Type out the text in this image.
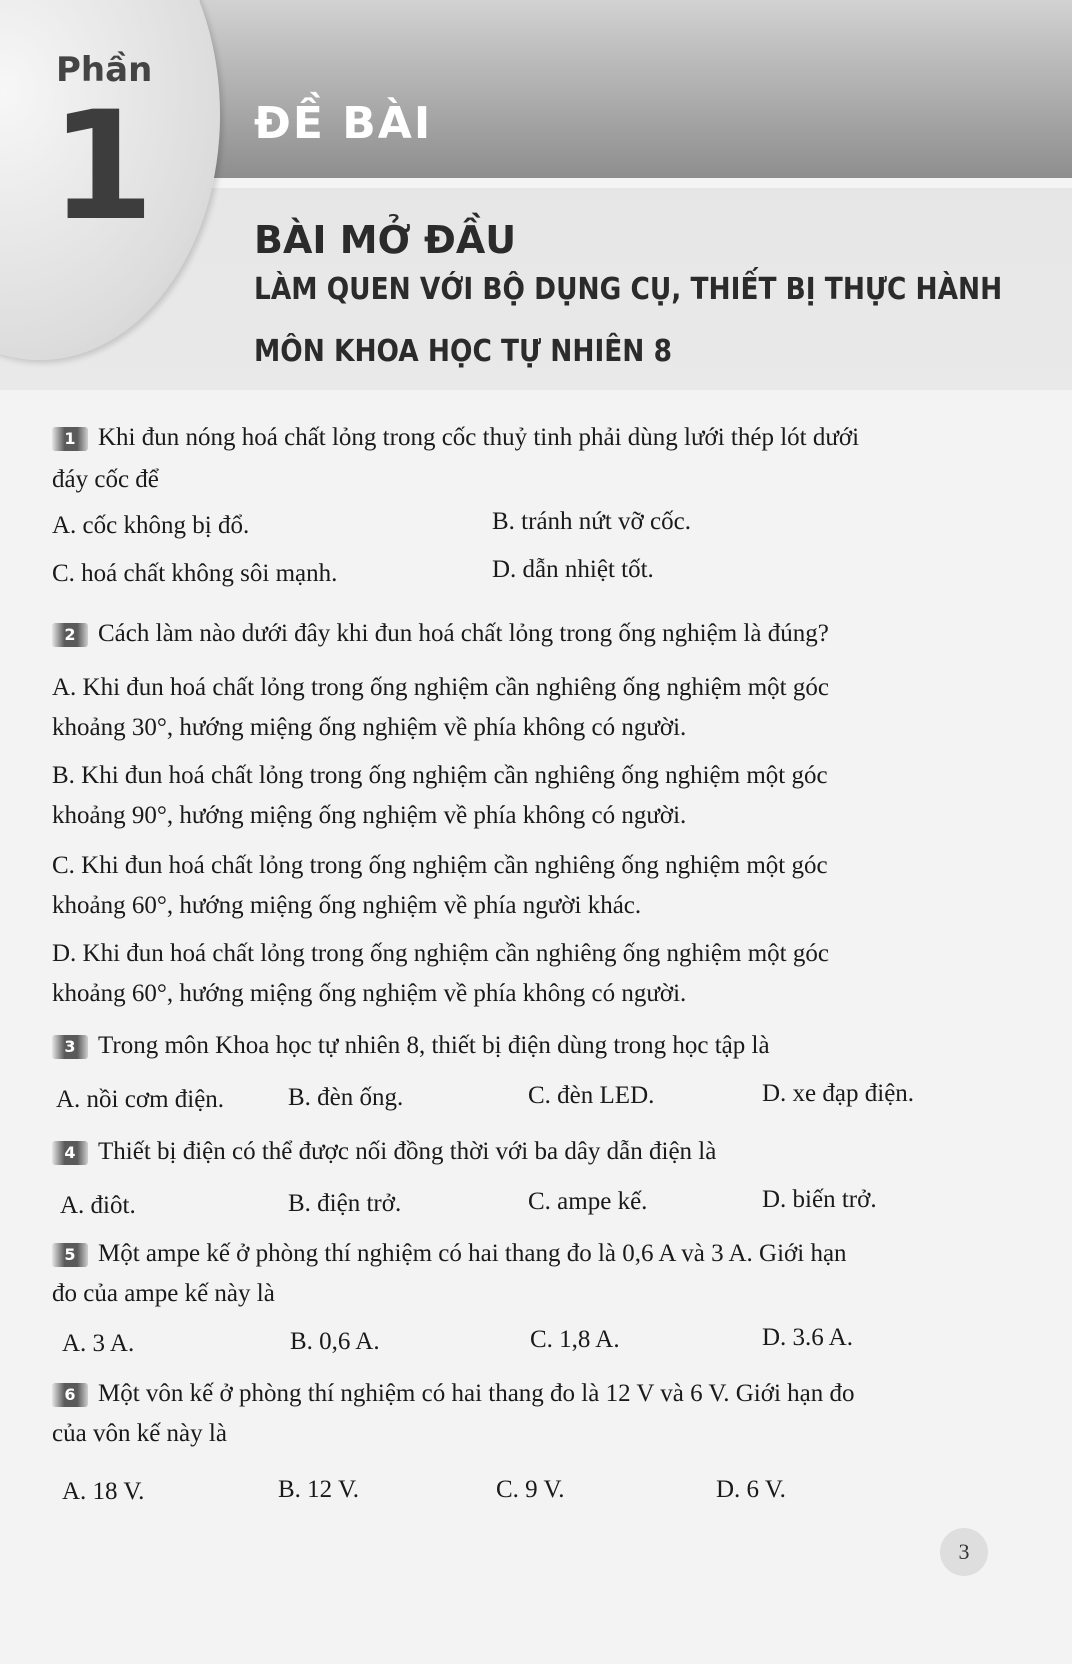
Phần
1 ĐỀ BÀI
BÀI MỞ ĐẦU
LÀM QUEN VỚI BỘ DỤNG CỤ, THIẾT BỊ THỰC HÀNH
MÔN KHOA HỌC TỰ NHIÊN 8
1 Khi đun nóng hoá chất lỏng trong cốc thuỷ tinh phải dùng lưới thép lót dưới
đáy cốc để
A. cốc không bị đổ.	B. tránh nứt vỡ cốc.
C. hoá chất không sôi mạnh.	D. dẫn nhiệt tốt.
2 Cách làm nào dưới đây khi đun hoá chất lỏng trong ống nghiệm là đúng?
A. Khi đun hoá chất lỏng trong ống nghiệm cần nghiêng ống nghiệm một góc
khoảng 30°, hướng miệng ống nghiệm về phía không có người.
B. Khi đun hoá chất lỏng trong ống nghiệm cần nghiêng ống nghiệm một góc
khoảng 90°, hướng miệng ống nghiệm về phía không có người.
C. Khi đun hoá chất lỏng trong ống nghiệm cần nghiêng ống nghiệm một góc
khoảng 60°, hướng miệng ống nghiệm về phía người khác.
D. Khi đun hoá chất lỏng trong ống nghiệm cần nghiêng ống nghiệm một góc
khoảng 60°, hướng miệng ống nghiệm về phía không có người.
3 Trong môn Khoa học tự nhiên 8, thiết bị điện dùng trong học tập là
A. nồi cơm điện.	B. đèn ống.	C. đèn LED.	D. xe đạp điện.
4 Thiết bị điện có thể được nối đồng thời với ba dây dẫn điện là
A. điôt.	B. điện trở.	C. ampe kế.	D. biến trở.
5 Một ampe kế ở phòng thí nghiệm có hai thang đo là 0,6 A và 3 A. Giới hạn
đo của ampe kế này là
A. 3 A.	B. 0,6 A.	C. 1,8 A.	D. 3.6 A.
6 Một vôn kế ở phòng thí nghiệm có hai thang đo là 12 V và 6 V. Giới hạn đo
của vôn kế này là
A. 18 V.	B. 12 V.	C. 9 V.	D. 6 V.
3
